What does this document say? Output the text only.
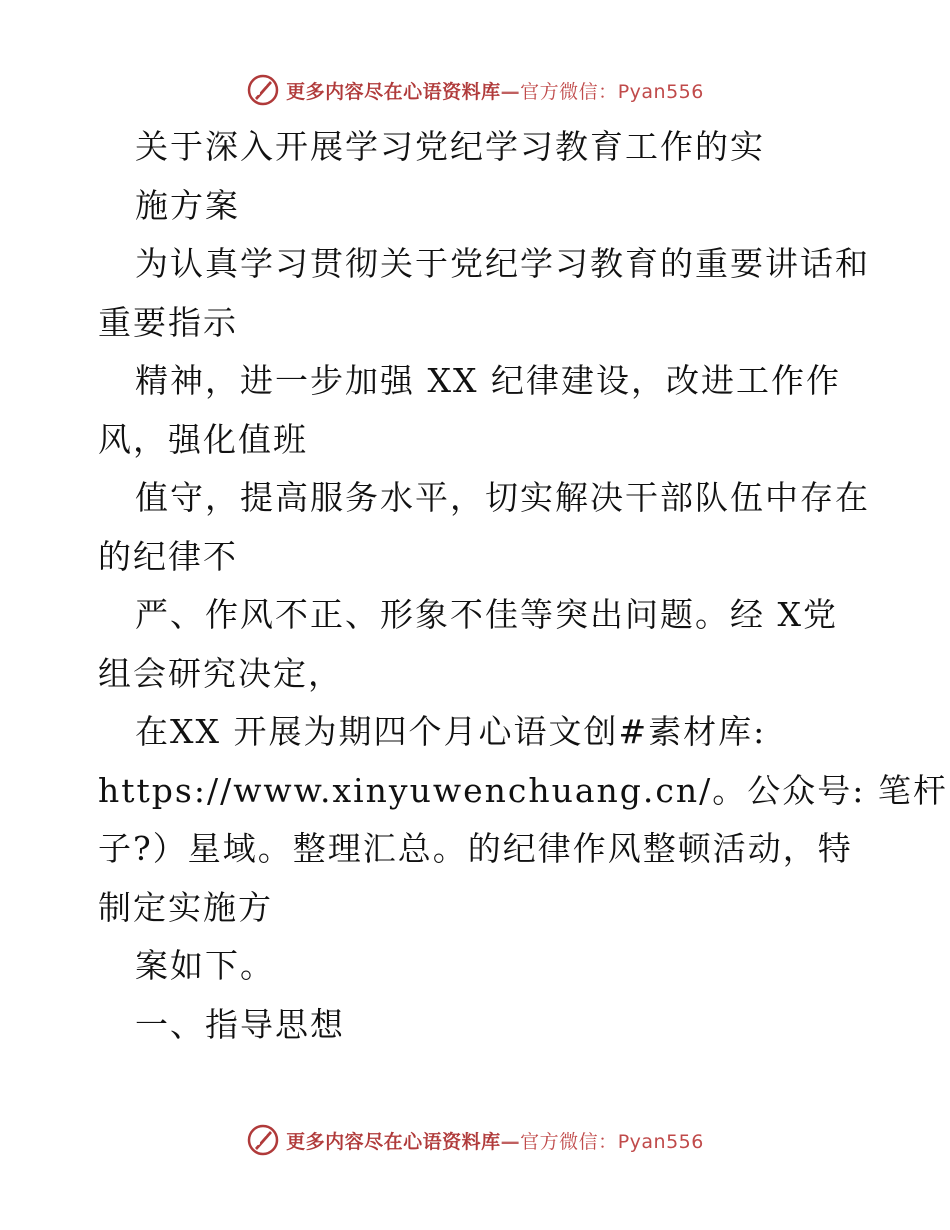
更多内容尽在心语资料库—官方微信：Pyan556
关于深入开展学习党纪学习教育工作的实
施方案
为认真学习贯彻关于党纪学习教育的重要讲话和
重要指示
精神，进一步加强 XX 纪律建设，改进工作作
风，强化值班
值守，提高服务水平，切实解决干部队伍中存在
的纪律不
严、作风不正、形象不佳等突出问题。经 X党
组会研究决定，
在XX 开展为期四个月心语文创#素材库:
https://www.xinyuwenchuang.cn/。公众号: 笔杆
子?）星域。整理汇总。的纪律作风整顿活动，特
制定实施方
案如下。
一、指导思想
更多内容尽在心语资料库—官方微信：Pyan556
